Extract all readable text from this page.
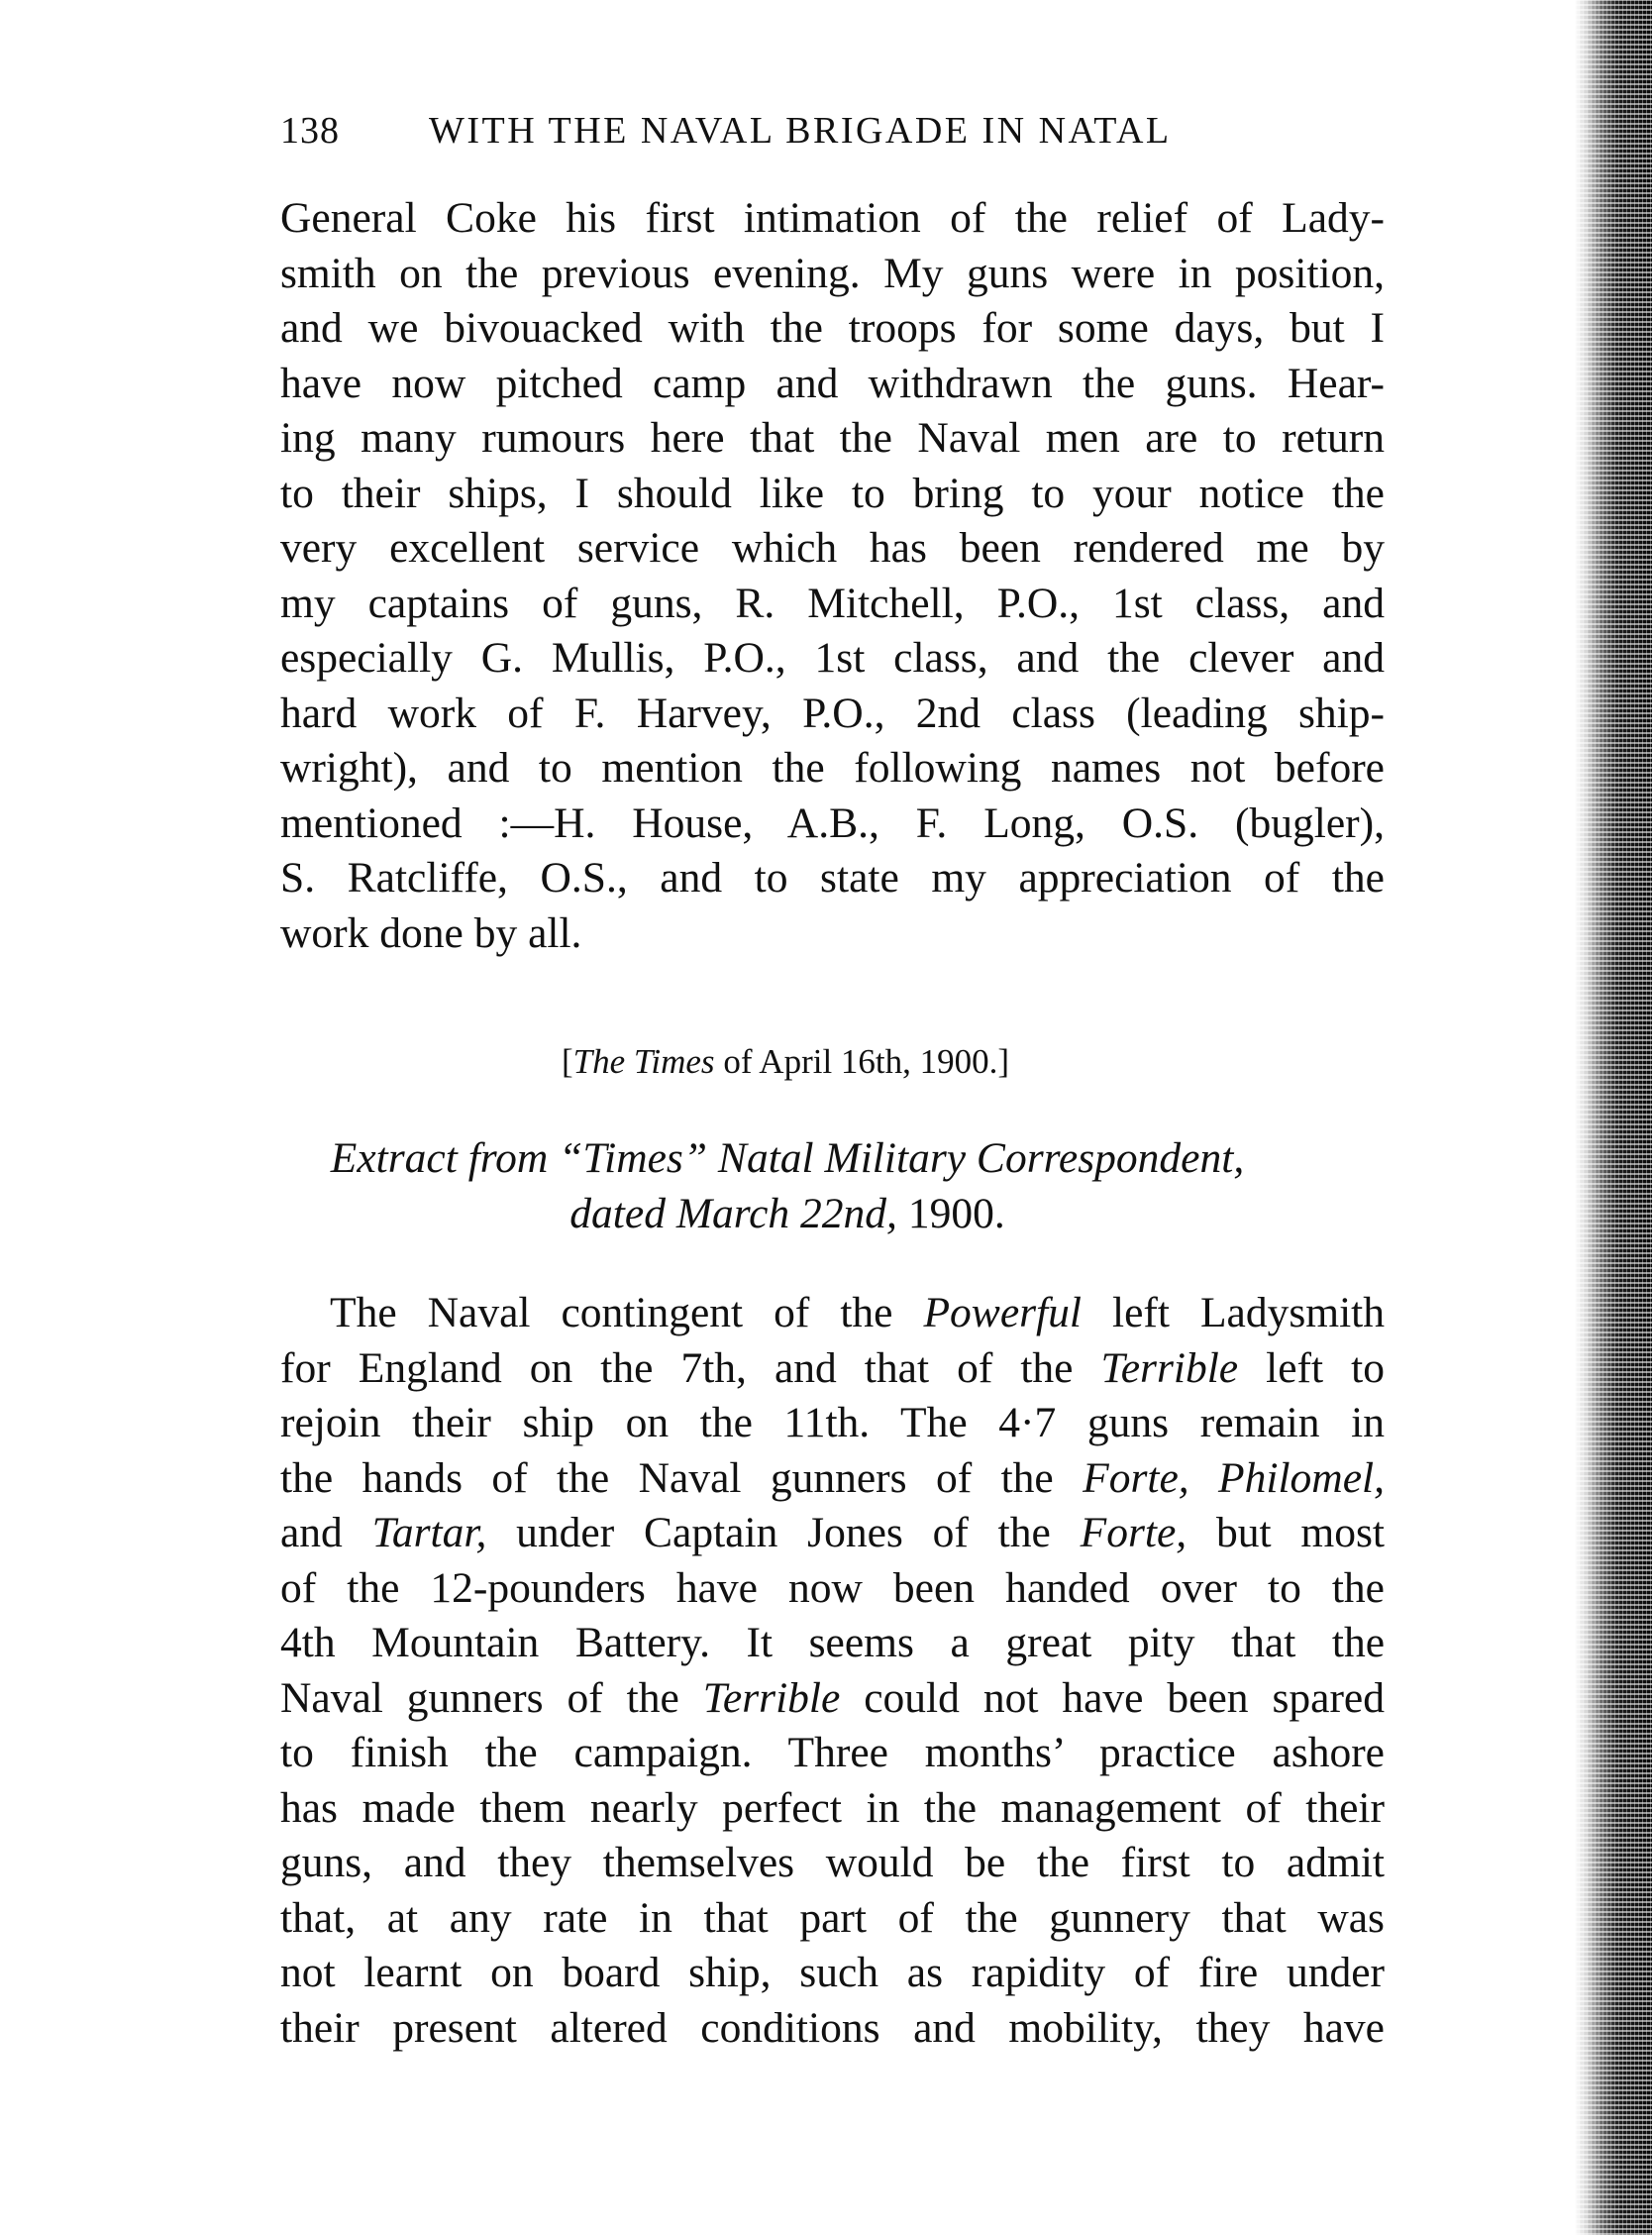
138 WITH THE NAVAL BRIGADE IN NATAL
General Coke his first intimation of the relief of Lady-
smith on the previous evening. My guns were in position,
and we bivouacked with the troops for some days, but I
have now pitched camp and withdrawn the guns. Hear-
ing many rumours here that the Naval men are to return
to their ships, I should like to bring to your notice the
very excellent service which has been rendered me by
my captains of guns, R. Mitchell, P.O., 1st class, and
especially G. Mullis, P.O., 1st class, and the clever and
hard work of F. Harvey, P.O., 2nd class (leading ship-
wright), and to mention the following names not before
mentioned :—H. House, A.B., F. Long, O.S. (bugler),
S. Ratcliffe, O.S., and to state my appreciation of the
work done by all.
[The Times of April 16th, 1900.]
Extract from “Times” Natal Military Correspondent,
dated March 22nd, 1900.
The Naval contingent of the Powerful left Ladysmith
for England on the 7th, and that of the Terrible left to
rejoin their ship on the 11th. The 4·7 guns remain in
the hands of the Naval gunners of the Forte, Philomel,
and Tartar, under Captain Jones of the Forte, but most
of the 12-pounders have now been handed over to the
4th Mountain Battery. It seems a great pity that the
Naval gunners of the Terrible could not have been spared
to finish the campaign. Three months’ practice ashore
has made them nearly perfect in the management of their
guns, and they themselves would be the first to admit
that, at any rate in that part of the gunnery that was
not learnt on board ship, such as rapidity of fire under
their present altered conditions and mobility, they have
